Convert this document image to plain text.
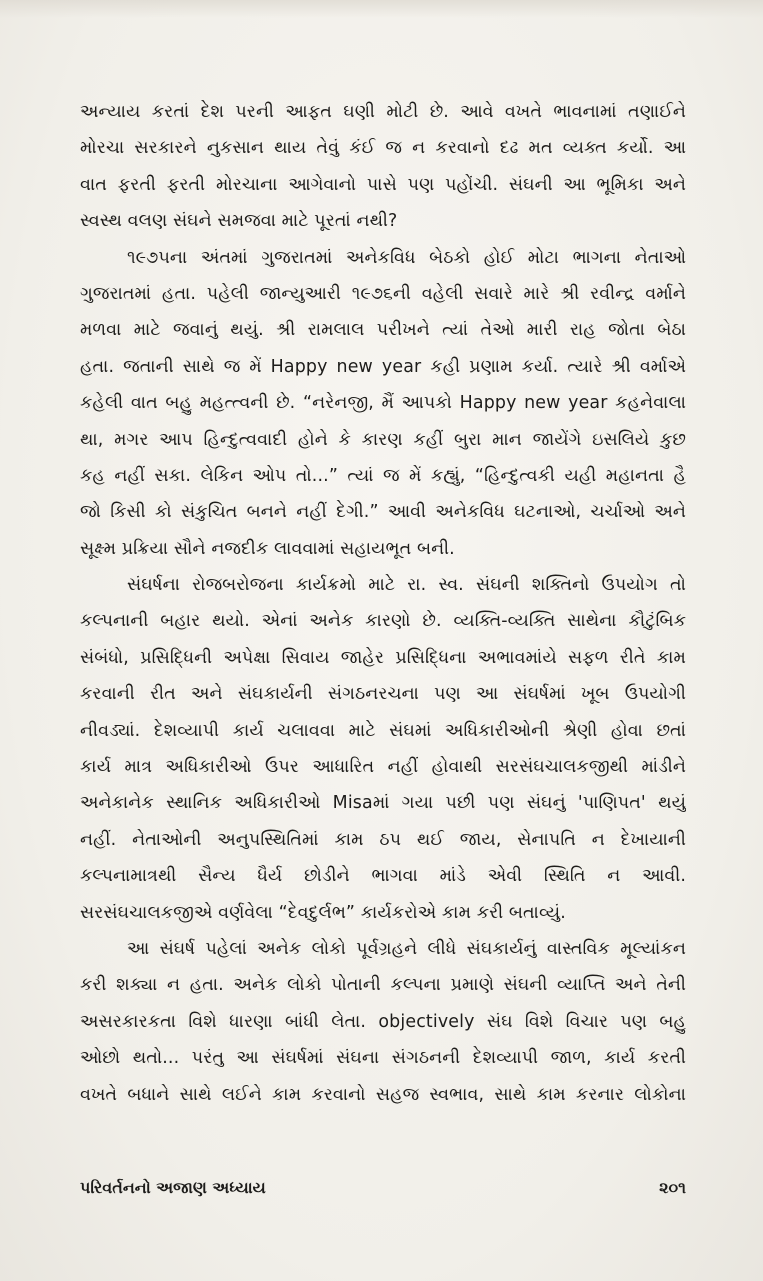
અન્યાય કરતાં દેશ પરની આફત ઘણી મોટી છે. આવે વખતે ભાવનામાં તણાઈને
મોરચા સરકારને નુકસાન થાય તેવું કંઈ જ ન કરવાનો દઢ મત વ્યક્ત કર્યો. આ
વાત ફરતી ફરતી મોરચાના આગેવાનો પાસે પણ પહોંચી. સંઘની આ ભૂમિકા અને
સ્વસ્થ વલણ સંઘને સમજવા માટે પૂરતાં નથી?
૧૯૭૫ના અંતમાં ગુજરાતમાં અનેકવિધ બેઠકો હોઈ મોટા ભાગના નેતાઓ
ગુજરાતમાં હતા. પહેલી જાન્યુઆરી ૧૯૭૬ની વહેલી સવારે મારે શ્રી રવીન્દ્ર વર્માને
મળવા માટે જવાનું થયું. શ્રી રામલાલ પરીખને ત્યાં તેઓ મારી રાહ જોતા બેઠા
હતા. જતાની સાથે જ મેં Happy new year કહી પ્રણામ કર્યા. ત્યારે શ્રી વર્માએ
કહેલી વાત બહુ મહત્ત્વની છે. “નરેનજી, મૈં આપકો Happy new year કહનેવાલા
થા, મગર આપ હિન્દુત્વવાદી હોને કે કારણ કહીં બુરા માન જાયેંગે ઇસલિયે કુછ
કહ નહીં સકા. લેકિન ઓપ તો...” ત્યાં જ મેં કહ્યું, “હિન્દુત્વકી યહી મહાનતા હૈ
જો કિસી કો સંકુચિત બનને નહીં દેગી.” આવી અનેકવિધ ઘટનાઓ, ચર્ચાઓ અને
સૂક્ષ્મ પ્રક્રિયા સૌને નજદીક લાવવામાં સહાયભૂત બની.
સંઘર્ષના રોજબરોજના કાર્યક્રમો માટે રા. સ્વ. સંઘની શક્તિનો ઉપયોગ તો
કલ્પનાની બહાર થયો. એનાં અનેક કારણો છે. વ્યક્તિ-વ્યક્તિ સાથેના કૌટુંબિક
સંબંધો, પ્રસિદ્ધિની અપેક્ષા સિવાય જાહેર પ્રસિદ્ધિના અભાવમાંયે સફળ રીતે કામ
કરવાની રીત અને સંઘકાર્યની સંગઠનરચના પણ આ સંઘર્ષમાં ખૂબ ઉપયોગી
નીવડ્યાં. દેશવ્યાપી કાર્ય ચલાવવા માટે સંઘમાં અધિકારીઓની શ્રેણી હોવા છતાં
કાર્ય માત્ર અધિકારીઓ ઉપર આધારિત નહીં હોવાથી સરસંઘચાલકજીથી માંડીને
અનેકાનેક સ્થાનિક અધિકારીઓ Misaમાં ગયા પછી પણ સંઘનું 'પાણિપત' થયું
નહીં. નેતાઓની અનુપસ્થિતિમાં કામ ઠપ થઈ જાય, સેનાપતિ ન દેખાયાની
કલ્પનામાત્રથી સૈન્ય ધૈર્ય છોડીને ભાગવા માંડે એવી સ્થિતિ ન આવી.
સરસંઘચાલકજીએ વર્ણવેલા “દેવદુર્લભ” કાર્યકરોએ કામ કરી બતાવ્યું.
આ સંઘર્ષ પહેલાં અનેક લોકો પૂર્વગ્રહને લીધે સંઘકાર્યનું વાસ્તવિક મૂલ્યાંકન
કરી શક્યા ન હતા. અનેક લોકો પોતાની કલ્પના પ્રમાણે સંઘની વ્યાપ્તિ અને તેની
અસરકારકતા વિશે ધારણા બાંધી લેતા. objectively સંઘ વિશે વિચાર પણ બહુ
ઓછો થતો... પરંતુ આ સંઘર્ષમાં સંઘના સંગઠનની દેશવ્યાપી જાળ, કાર્ય કરતી
વખતે બધાને સાથે લઈને કામ કરવાનો સહજ સ્વભાવ, સાથે કામ કરનાર લોકોના
પરિવર્તનનો અજાણ અધ્યાય	૨૦૧
